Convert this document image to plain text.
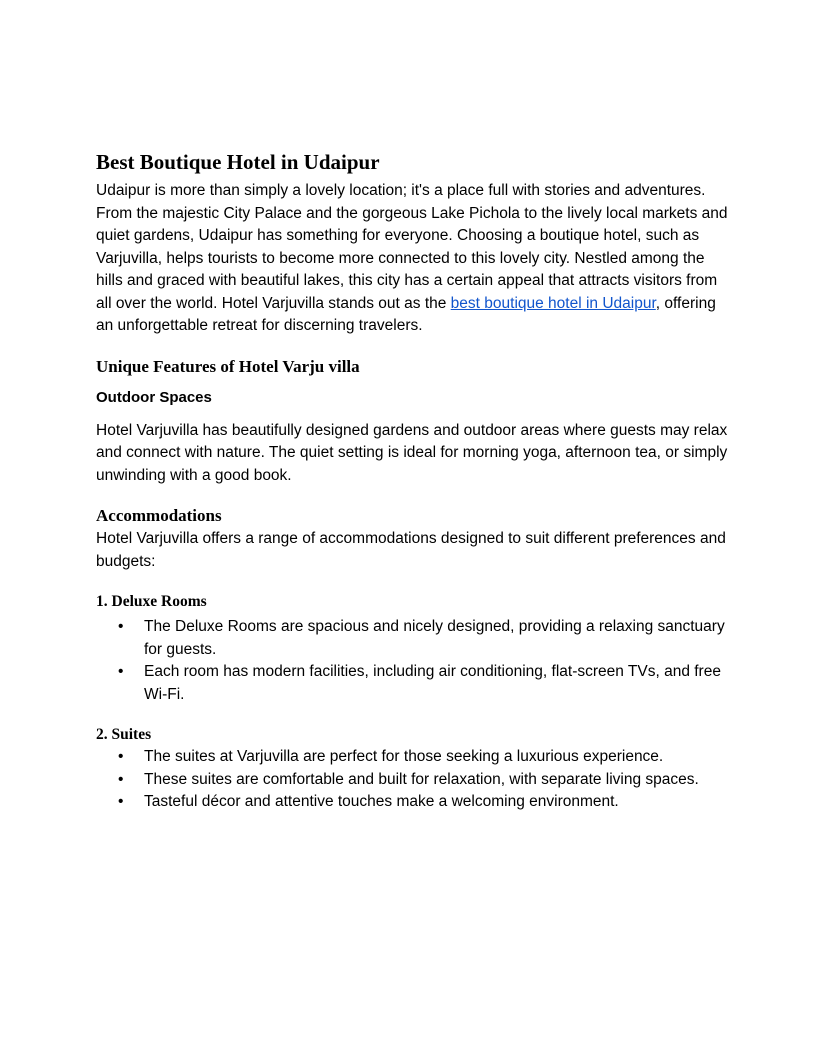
Best Boutique Hotel in Udaipur

Udaipur is more than simply a lovely location; it's a place full with stories and adventures. From the majestic City Palace and the gorgeous Lake Pichola to the lively local markets and quiet gardens, Udaipur has something for everyone. Choosing a boutique hotel, such as Varjuvilla, helps tourists to become more connected to this lovely city. Nestled among the hills and graced with beautiful lakes, this city has a certain appeal that attracts visitors from all over the world. Hotel Varjuvilla stands out as the best boutique hotel in Udaipur, offering an unforgettable retreat for discerning travelers.

Unique Features of Hotel Varju villa
Outdoor Spaces

Hotel Varjuvilla has beautifully designed gardens and outdoor areas where guests may relax and connect with nature. The quiet setting is ideal for morning yoga, afternoon tea, or simply unwinding with a good book.

Accommodations

Hotel Varjuvilla offers a range of accommodations designed to suit different preferences and budgets:

1. Deluxe Rooms
• The Deluxe Rooms are spacious and nicely designed, providing a relaxing sanctuary for guests.
• Each room has modern facilities, including air conditioning, flat-screen TVs, and free Wi-Fi.
2. Suites
• The suites at Varjuvilla are perfect for those seeking a luxurious experience.
• These suites are comfortable and built for relaxation, with separate living spaces.
• Tasteful décor and attentive touches make a welcoming environment.
